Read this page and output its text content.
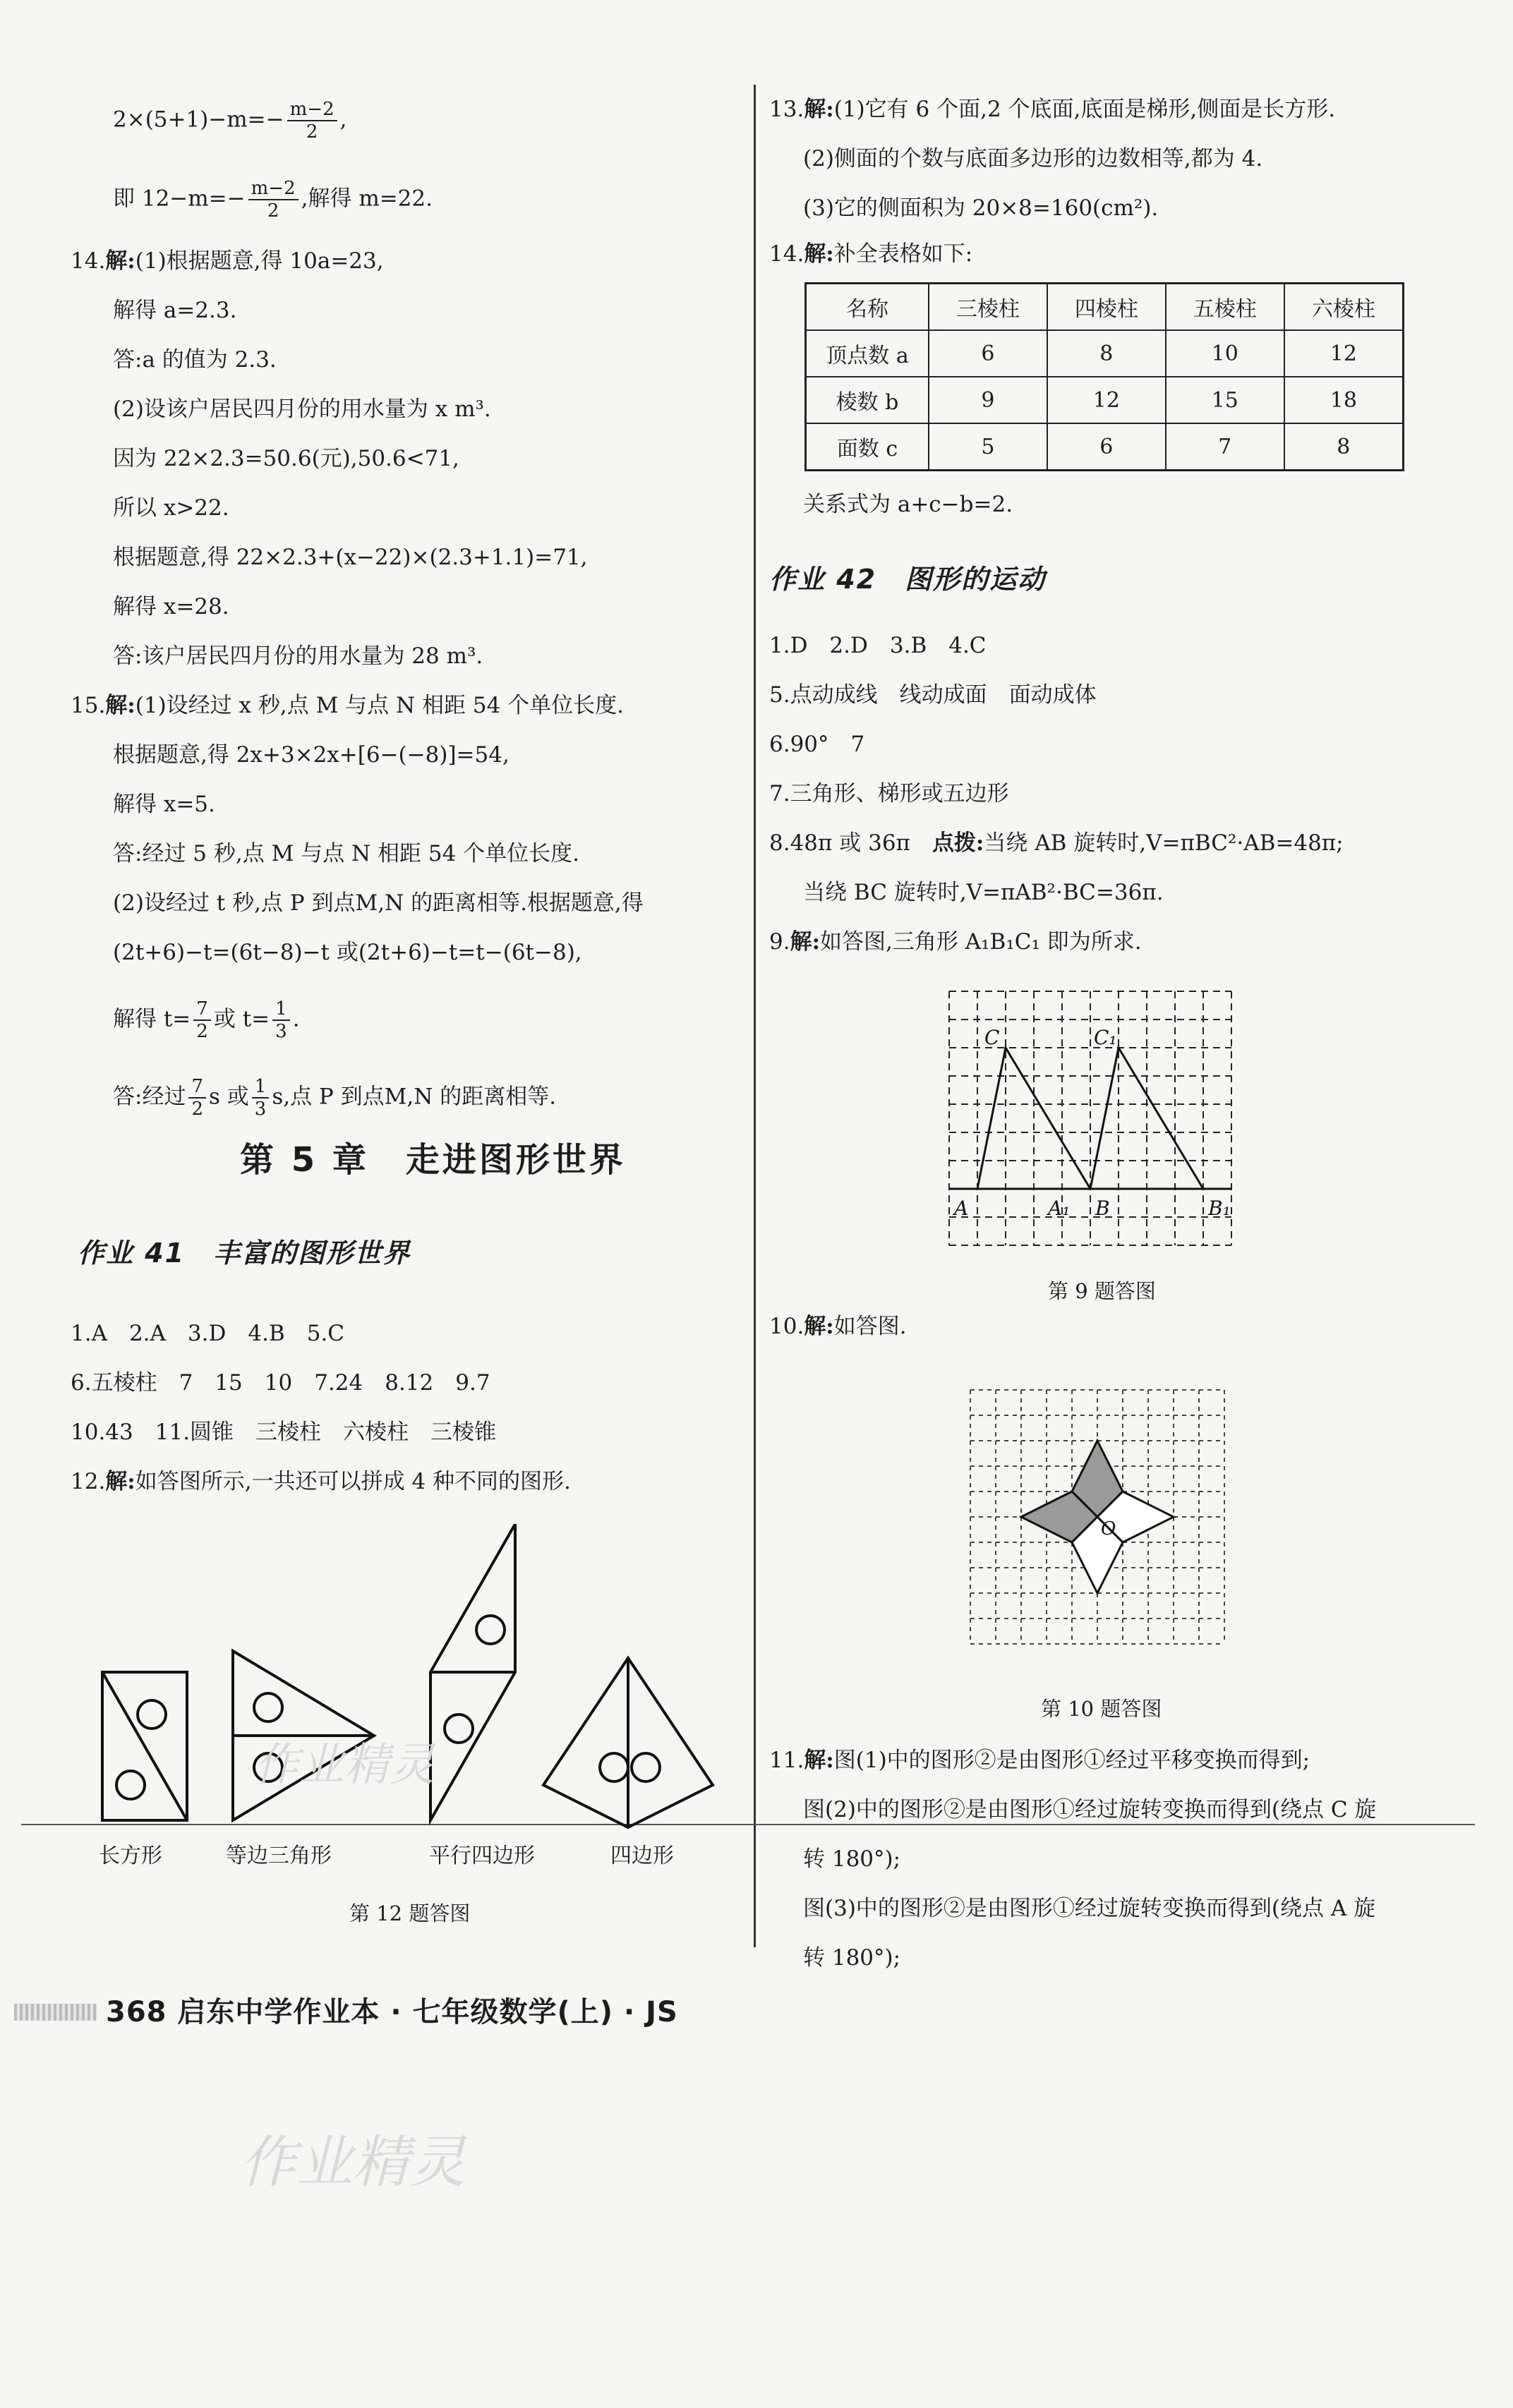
$2\times(5+1)-m=- \frac{m-2}{2}$ ,
即 $12-m=- \frac{m-2}{2}$ ,解得 m=22.
14.解:(1)根据题意,得 10a=23,
解得 a=2.3.
答:a 的值为 2.3.
(2)设该户居民四月份的用水量为 x m³.
因为 22×2.3=50.6(元),50.6<71,
所以 x>22.
根据题意,得 22×2.3+(x−22)×(2.3+1.1)=71,
解得 x=28.
答:该户居民四月份的用水量为 28 m³.
15.解:(1)设经过 x 秒,点 M 与点 N 相距 54 个单位长度.
根据题意,得 2x+3×2x+[6−(−8)]=54,
解得 x=5.
答:经过 5 秒,点 M 与点 N 相距 54 个单位长度.
(2)设经过 t 秒,点 P 到点M,N 的距离相等.根据题意,得
(2t+6)−t=(6t−8)−t 或(2t+6)−t=t−(6t−8),
解得 $t= \frac{7}{2}$ 或 $t= \frac{1}{3}$ .
答:经过 $\frac{7}{2}$ s 或 $\frac{1}{3} s$,点 P 到点M,N 的距离相等.
第 5 章　走进图形世界
作业 41　丰富的图形世界
1.A　2.A　3.D　4.B　5.C
6.五棱柱　7　15　10　7.24　8.12　9.7
10.43　11.圆锥　三棱柱　六棱柱　三棱锥
12.解:如答图所示,一共还可以拼成 4 种不同的图形.
长方形	等边三角形	平行四边形	四边形
第 12 题答图
13.解:(1)它有 6 个面,2 个底面,底面是梯形,侧面是长方形.
(2)侧面的个数与底面多边形的边数相等,都为 4.
(3)它的侧面积为 20×8=160(cm²).
14.解:补全表格如下:
名称	三棱柱	四棱柱	五棱柱	六棱柱
顶点数 a	6	8	10	12
棱数 b	9	12	15	18
面数 c	5	6	7	8
关系式为 a+c−b=2.
作业 42　图形的运动
1.D　2.D　3.B　4.C
5.点动成线　线动成面　面动成体
6.90°　7
7.三角形、梯形或五边形
8.48π 或 36π　点拨:当绕 AB 旋转时,V=πBC²·AB=48π;
当绕 BC 旋转时,V=πAB²·BC=36π.
9.解:如答图,三角形 A₁B₁C₁ 即为所求.
C	C₁
A	A₁ B	B₁
第 9 题答图
10.解:如答图.
O
第 10 题答图
11.解:图(1)中的图形②是由图形①经过平移变换而得到;
图(2)中的图形②是由图形①经过旋转变换而得到(绕点 C 旋
转 180°);
图(3)中的图形②是由图形①经过旋转变换而得到(绕点 A 旋
转 180°);
368 启东中学作业本 · 七年级数学(上) · JS
作业精灵
作业精灵
